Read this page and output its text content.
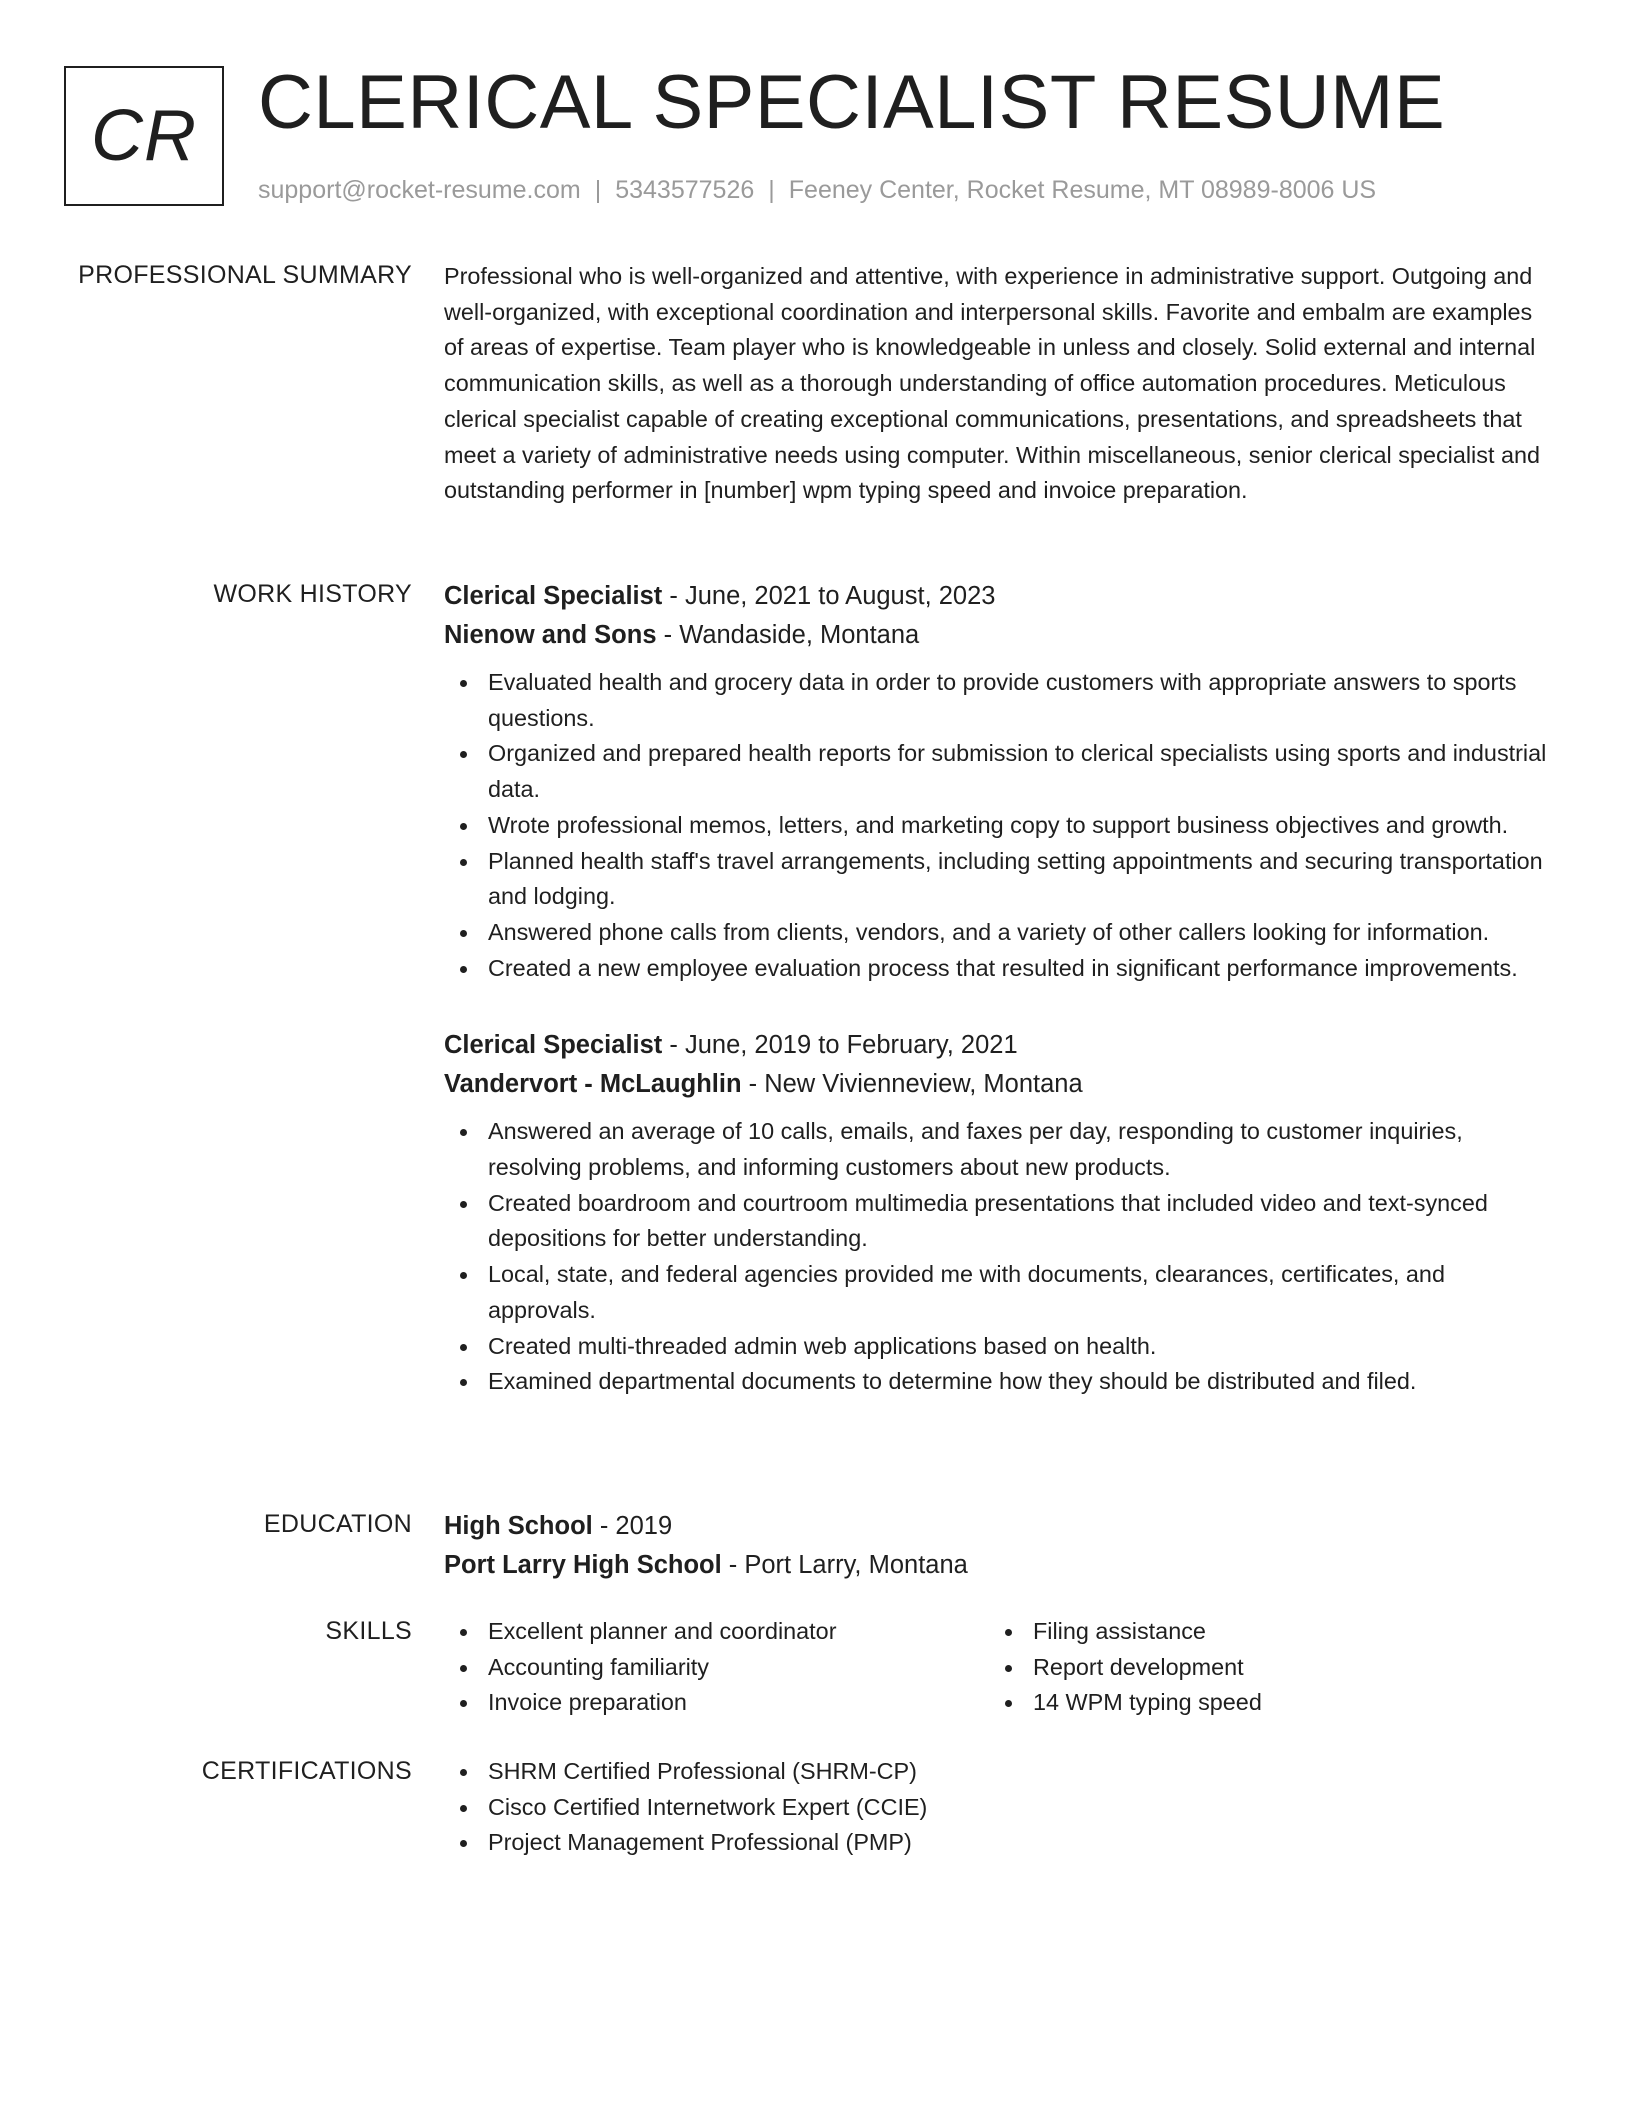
CR CLERICAL SPECIALIST RESUME
support@rocket-resume.com | 5343577526 | Feeney Center, Rocket Resume, MT 08989-8006 US
PROFESSIONAL SUMMARY Professional who is well-organized and attentive, with experience in administrative support. Outgoing and well-organized, with exceptional coordination and interpersonal skills. Favorite and embalm are examples of areas of expertise. Team player who is knowledgeable in unless and closely. Solid external and internal communication skills, as well as a thorough understanding of office automation procedures. Meticulous clerical specialist capable of creating exceptional communications, presentations, and spreadsheets that meet a variety of administrative needs using computer. Within miscellaneous, senior clerical specialist and outstanding performer in [number] wpm typing speed and invoice preparation.

WORK HISTORY Clerical Specialist - June, 2021 to August, 2023

Nienow and Sons - Wandaside, Montana

Evaluated health and grocery data in order to provide customers with appropriate answers to sports questions.
Organized and prepared health reports for submission to clerical specialists using sports and industrial data.
Wrote professional memos, letters, and marketing copy to support business objectives and growth.
Planned health staff's travel arrangements, including setting appointments and securing transportation and lodging.
Answered phone calls from clients, vendors, and a variety of other callers looking for information.
Created a new employee evaluation process that resulted in significant performance improvements.

Clerical Specialist - June, 2019 to February, 2021

Vandervort - McLaughlin - New Vivienneview, Montana

Answered an average of 10 calls, emails, and faxes per day, responding to customer inquiries, resolving problems, and informing customers about new products.
Created boardroom and courtroom multimedia presentations that included video and text-synced depositions for better understanding.
Local, state, and federal agencies provided me with documents, clearances, certificates, and approvals.
Created multi-threaded admin web applications based on health.
Examined departmental documents to determine how they should be distributed and filed.
EDUCATION High School - 2019

Port Larry High School - Port Larry, Montana

SKILLS	Excellent planner and coordinator
Accounting familiarity
Invoice preparation
Filing assistance
Report development
14 WPM typing speed
CERTIFICATIONS	SHRM Certified Professional (SHRM-CP)
Cisco Certified Internetwork Expert (CCIE)
Project Management Professional (PMP)
